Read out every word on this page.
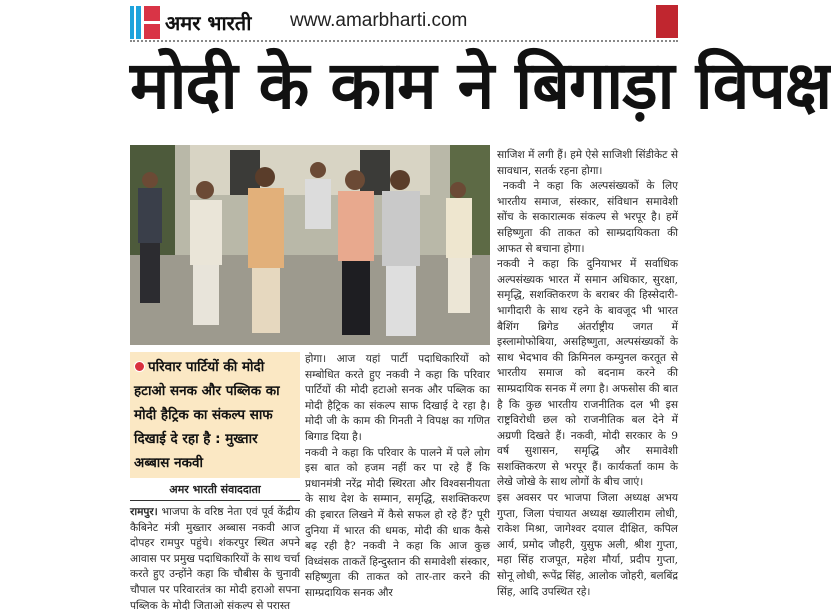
अमर भारती www.amarbharti.com
मोदी के काम ने बिगाड़ा विपक्ष
परिवार पार्टियों की मोदी हटाओ सनक और पब्लिक का मोदी हैट्रिक का संकल्प साफ दिखाई दे रहा है : मुख्तार अब्बास नकवी
अमर भारती संवाददाता

रामपुर। भाजपा के वरिष्ठ नेता एवं पूर्व केंद्रीय कैबिनेट मंत्री मुख्तार अब्बास नकवी आज दोपहर रामपुर पहुंचे। शंकरपुर स्थित अपने आवास पर प्रमुख पदाधिकारियों के साथ चर्चा करते हुए उन्होंने कहा कि चौबीस के चुनावी चौपाल पर परिवारतंत्र का मोदी हराओ सपना पब्लिक के मोदी जिताओ संकल्प से परास्त

होगा। आज यहां पार्टी पदाधिकारियों को सम्बोधित करते हुए नकवी ने कहा कि परिवार पार्टियों की मोदी हटाओ सनक और पब्लिक का मोदी हैट्रिक का संकल्प साफ दिखाई दे रहा है। मोदी जी के काम की गिनती ने विपक्ष का गणित बिगाड दिया है।

नकवी ने कहा कि परिवार के पालने में पले लोग इस बात को हजम नहीं कर पा रहे हैं कि प्रधानमंत्री नरेंद्र मोदी स्थिरता और विश्वसनीयता के साथ देश के सम्मान, समृद्धि, सशक्तिकरण की इबारत लिखने में कैसे सफल हो रहे हैं? पूरी दुनिया में भारत की धमक, मोदी की धाक कैसे बढ़ रही है? नकवी ने कहा कि आज कुछ विध्वंसक ताकतें हिन्दुस्तान की समावेशी संस्कार, सहिष्णुता की ताकत को तार-तार करने की साम्प्रदायिक सनक और

साजिश में लगी हैं। हमे ऐसे साजिशी सिंडीकेट से सावधान, सतर्क रहना होगा।

नकवी ने कहा कि अल्पसंख्यकों के लिए भारतीय समाज, संस्कार, संविधान समावेशी सोंच के सकारात्मक संकल्प से भरपूर है। हमें सहिष्णुता की ताकत को साम्प्रदायिकता की आफत से बचाना होगा।

नकवी ने कहा कि दुनियाभर में सर्वाधिक अल्पसंख्यक भारत में समान अधिकार, सुरक्षा, समृद्धि, सशक्तिकरण के बराबर की हिस्सेदारी-भागीदारी के साथ रहने के बावजूद भी भारत बैशिंग ब्रिगेड अंतर्राष्ट्रीय जगत में इस्लामोफोबिया, असहिष्णुता, अल्पसंख्यकों के साथ भेदभाव की क्रिमिनल कम्युनल करतूत से भारतीय समाज को बदनाम करने की साम्प्रदायिक सनक में लगा है। अफसोस की बात है कि कुछ भारतीय राजनीतिक दल भी इस राष्ट्रविरोधी छल को राजनीतिक बल देने में अग्रणी दिखते हैं। नकवी, मोदी सरकार के 9 वर्ष सुशासन, समृद्धि और समावेशी सशक्तिकरण से भरपूर हैं। कार्यकर्ता काम के लेखे जोखे के साथ लोगों के बीच जाएं।

इस अवसर पर भाजपा जिला अध्यक्ष अभय गुप्ता, जिला पंचायत अध्यक्ष ख्यालीराम लोधी, राकेश मिश्रा, जागेश्वर दयाल दीक्षित, कपिल आर्य, प्रमोद जौहरी, युसुफ अली, श्रीश गुप्ता, महा सिंह राजपूत, महेश मौर्या, प्रदीप गुप्ता, सोनू लोधी, रूपेंद्र सिंह, आलोक जोहरी, बलबिंद्र सिंह, आदि उपस्थित रहे।
